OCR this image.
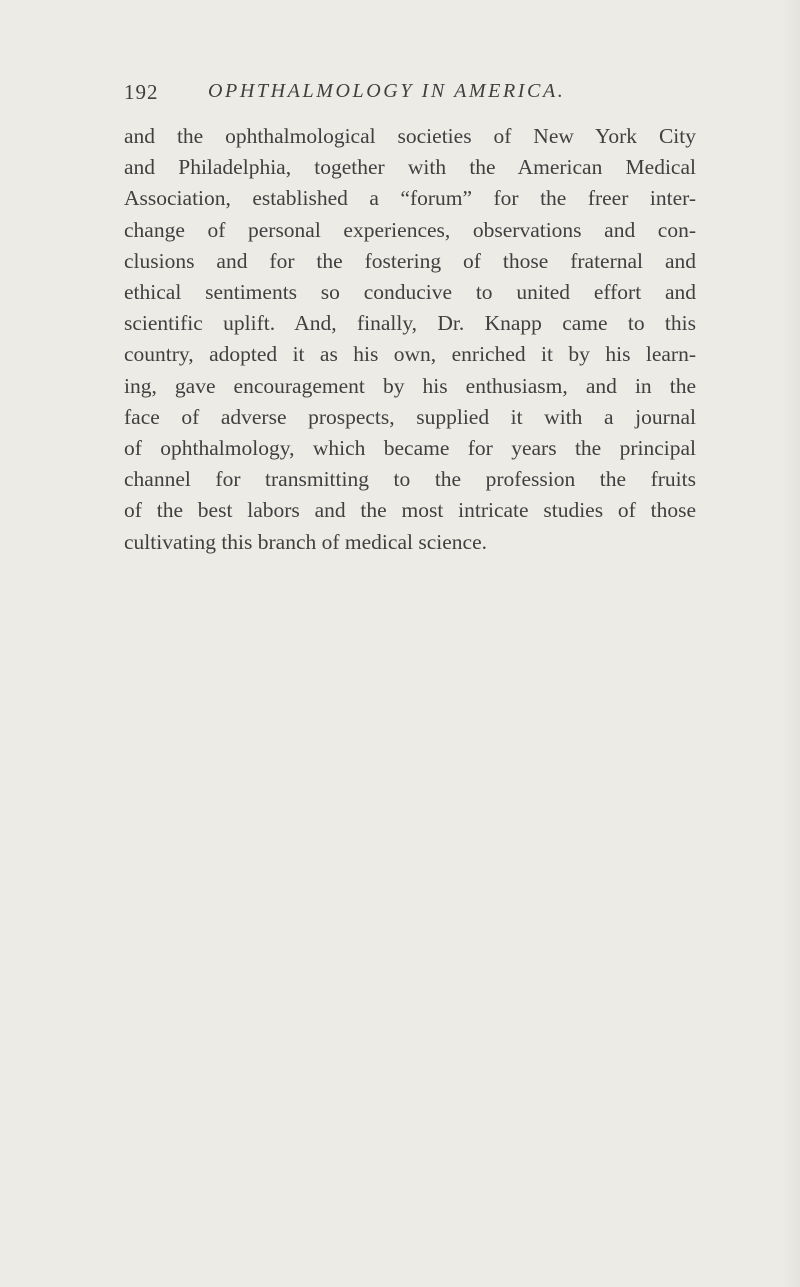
192 OPHTHALMOLOGY IN AMERICA.

and the ophthalmological societies of New York City
and Philadelphia, together with the American Medical
Association, established a “forum” for the freer inter-
change of personal experiences, observations and con-
clusions and for the fostering of those fraternal and
ethical sentiments so conducive to united effort and
scientific uplift. And, finally, Dr. Knapp came to this
country, adopted it as his own, enriched it by his learn-
ing, gave encouragement by his enthusiasm, and in the
face of adverse prospects, supplied it with a journal
of ophthalmology, which became for years the principal
channel for transmitting to the profession the fruits
of the best labors and the most intricate studies of those
cultivating this branch of medical science.
